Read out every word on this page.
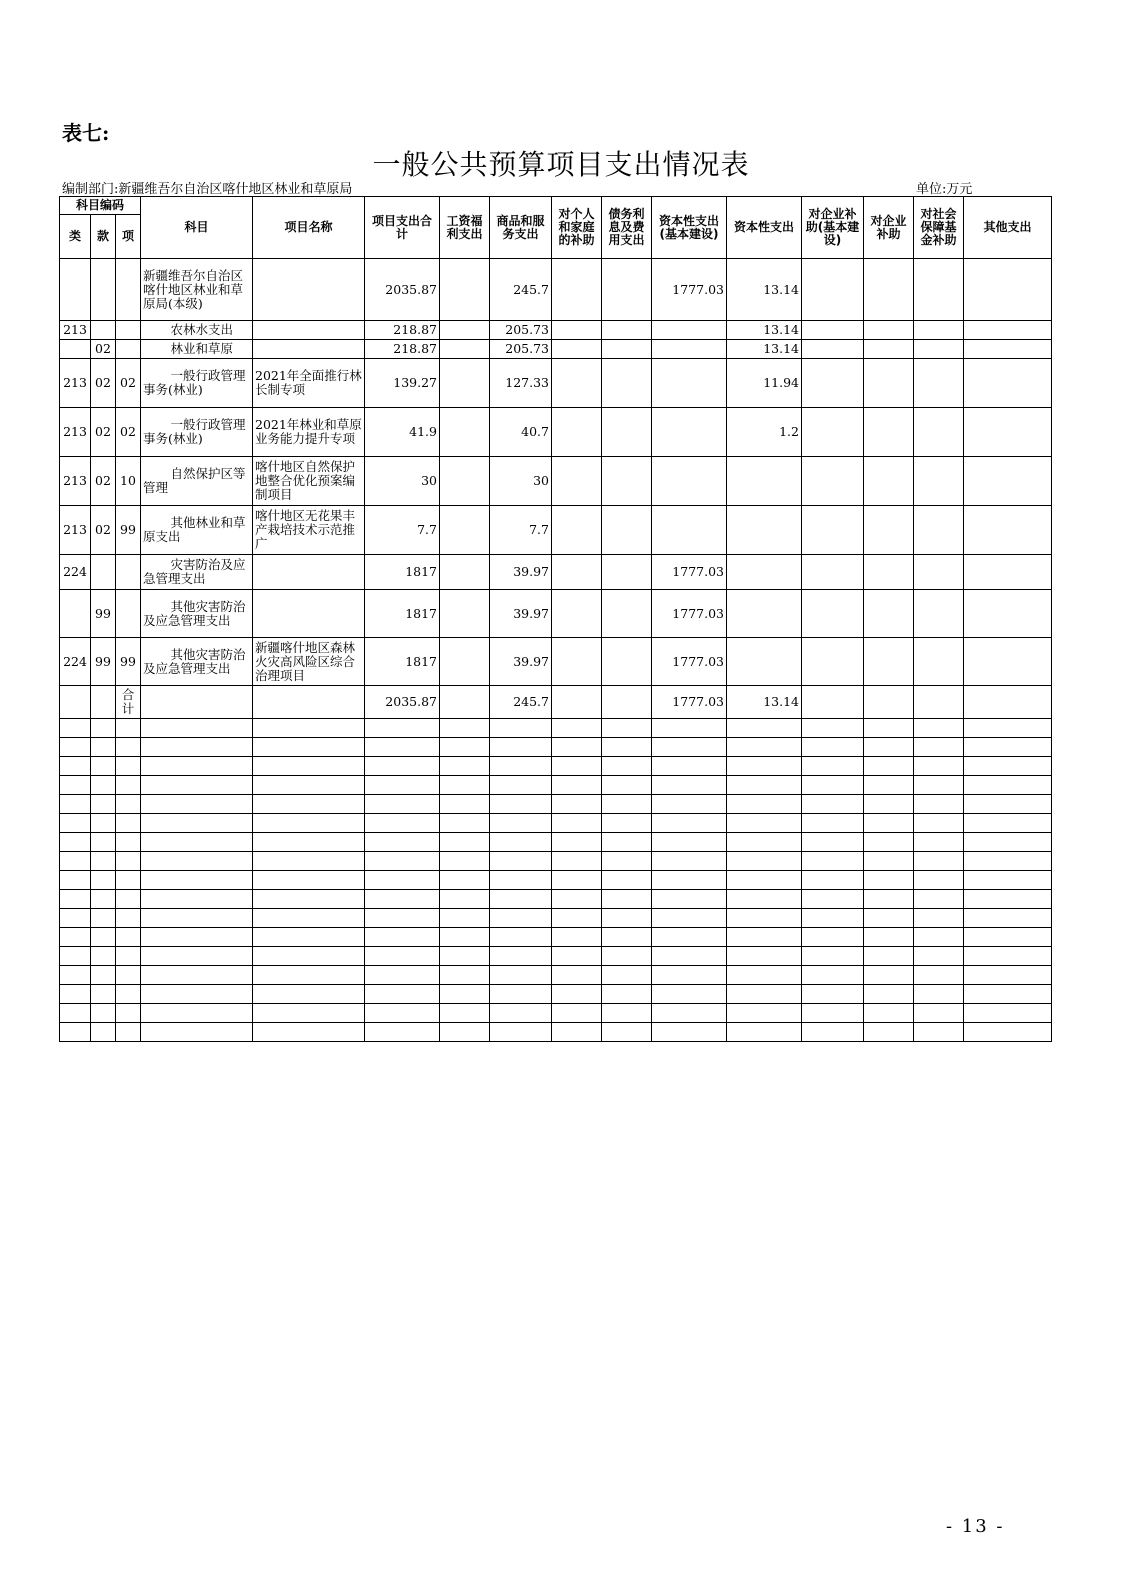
表七:
一般公共预算项目支出情况表
编制部门:新疆维吾尔自治区喀什地区林业和草原局	单位:万元
科目编码			科目	项目名称	项目支出合计	工资福利支出	商品和服务支出	对个人和家庭的补助	债务利息及费用支出	资本性支出(基本建设)	资本性支出	对企业补助(基本建设)	对企业补助	对社会保障基金补助	其他支出
类	款	项													
			新疆维吾尔自治区喀什地区林业和草原局(本级)		2035.87		245.7			1777.03	13.14				
213			农林水支出		218.87		205.73				13.14				
	02		林业和草原		218.87		205.73				13.14				
213	02	02	一般行政管理事务(林业)	2021年全面推行林长制专项	139.27		127.33				11.94				
213	02	02	一般行政管理事务(林业)	2021年林业和草原业务能力提升专项	41.9		40.7				1.2				
213	02	10	自然保护区等管理	喀什地区自然保护地整合优化预案编制项目	30		30								
213	02	99	其他林业和草原支出	喀什地区无花果丰产栽培技术示范推广	7.7		7.7								
224			灾害防治及应急管理支出		1817		39.97			1777.03					
	99		其他灾害防治及应急管理支出		1817		39.97			1777.03					
224	99	99	其他灾害防治及应急管理支出	新疆喀什地区森林火灾高风险区综合治理项目	1817		39.97			1777.03					
		合计			2035.87		245.7			1777.03	13.14				

- 13 -
